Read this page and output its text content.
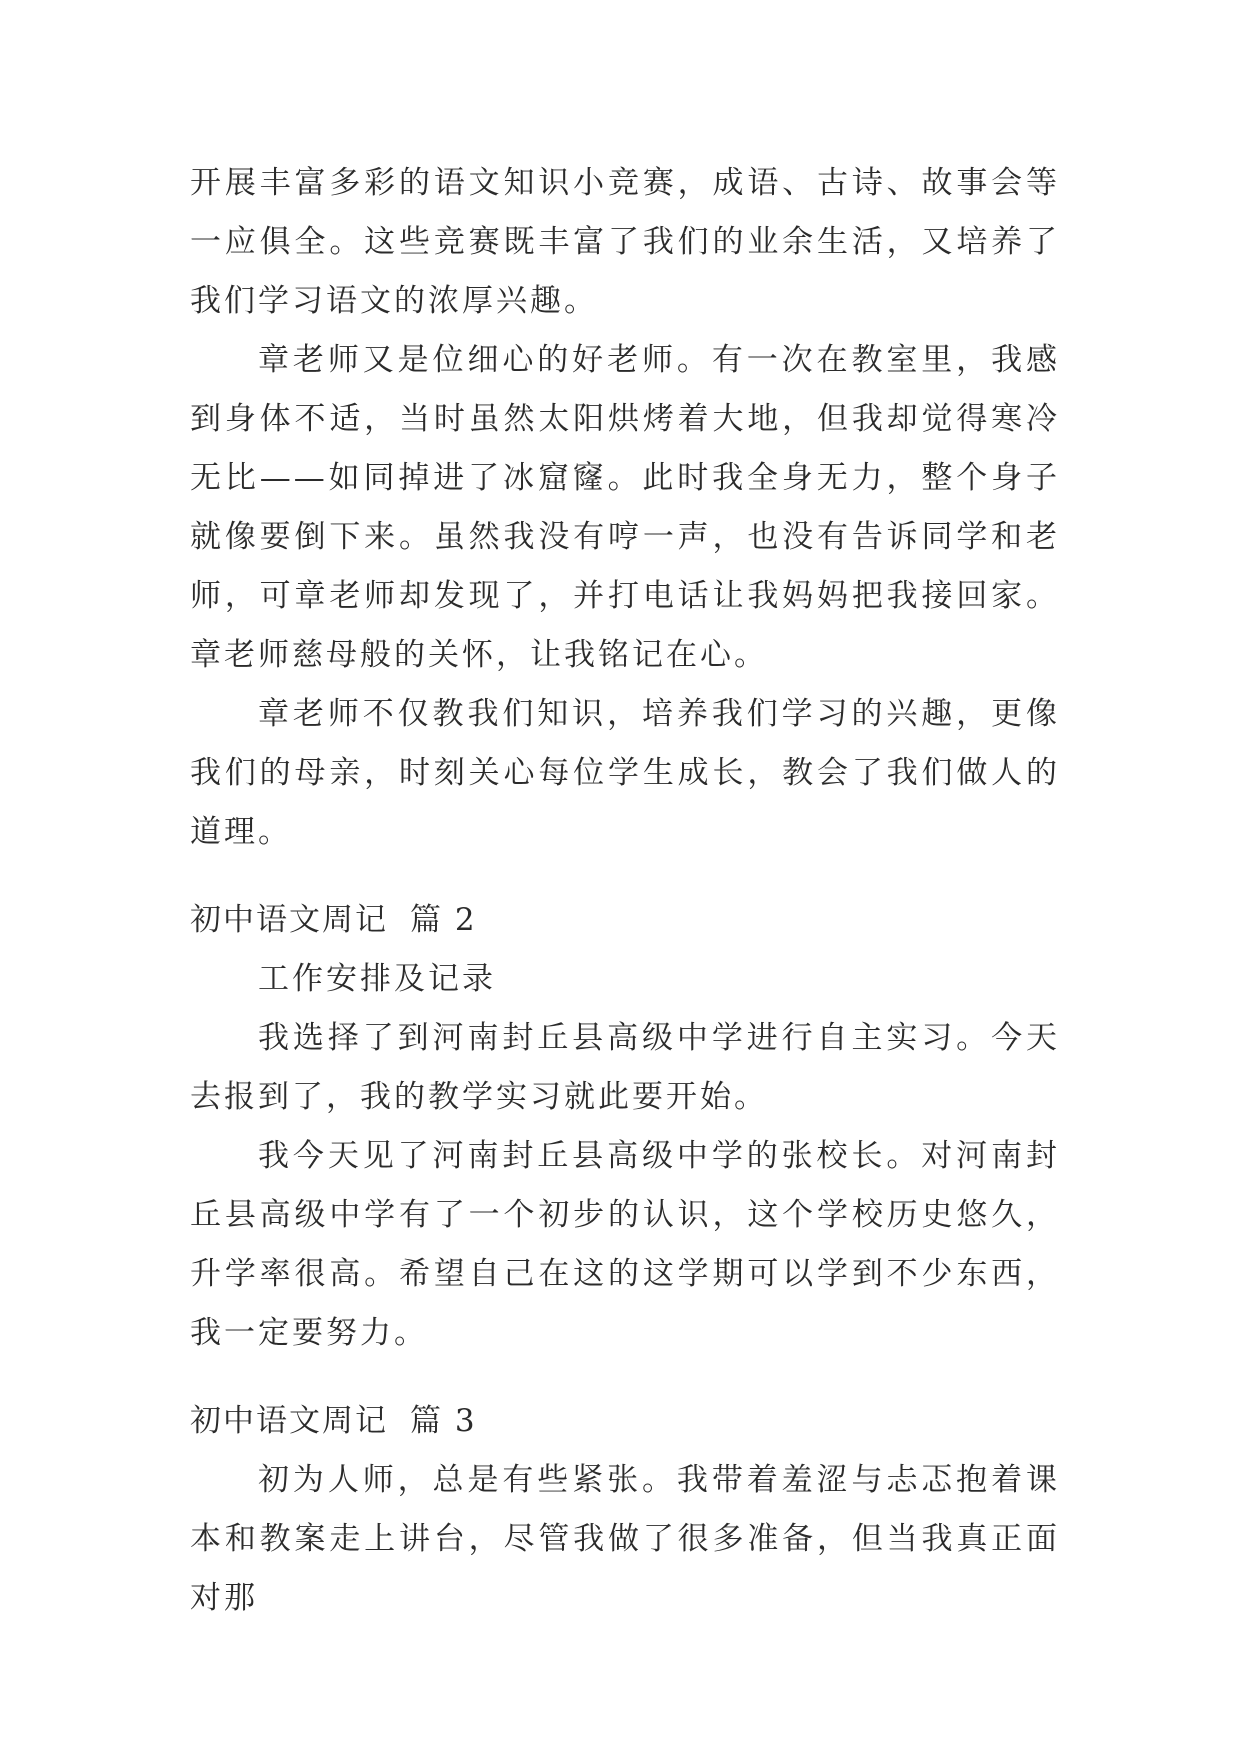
开展丰富多彩的语文知识小竞赛，成语、古诗、故事会等一应俱全。这些竞赛既丰富了我们的业余生活，又培养了我们学习语文的浓厚兴趣。

章老师又是位细心的好老师。有一次在教室里，我感到身体不适，当时虽然太阳烘烤着大地，但我却觉得寒冷无比——如同掉进了冰窟窿。此时我全身无力，整个身子就像要倒下来。虽然我没有哼一声，也没有告诉同学和老师，可章老师却发现了，并打电话让我妈妈把我接回家。章老师慈母般的关怀，让我铭记在心。

章老师不仅教我们知识，培养我们学习的兴趣，更像我们的母亲，时刻关心每位学生成长，教会了我们做人的道理。

初中语文周记 篇 2

工作安排及记录

我选择了到河南封丘县高级中学进行自主实习。今天去报到了，我的教学实习就此要开始。

我今天见了河南封丘县高级中学的张校长。对河南封丘县高级中学有了一个初步的认识，这个学校历史悠久，升学率很高。希望自己在这的这学期可以学到不少东西，我一定要努力。

初中语文周记 篇 3

初为人师，总是有些紧张。我带着羞涩与忐忑抱着课本和教案走上讲台，尽管我做了很多准备，但当我真正面对那
